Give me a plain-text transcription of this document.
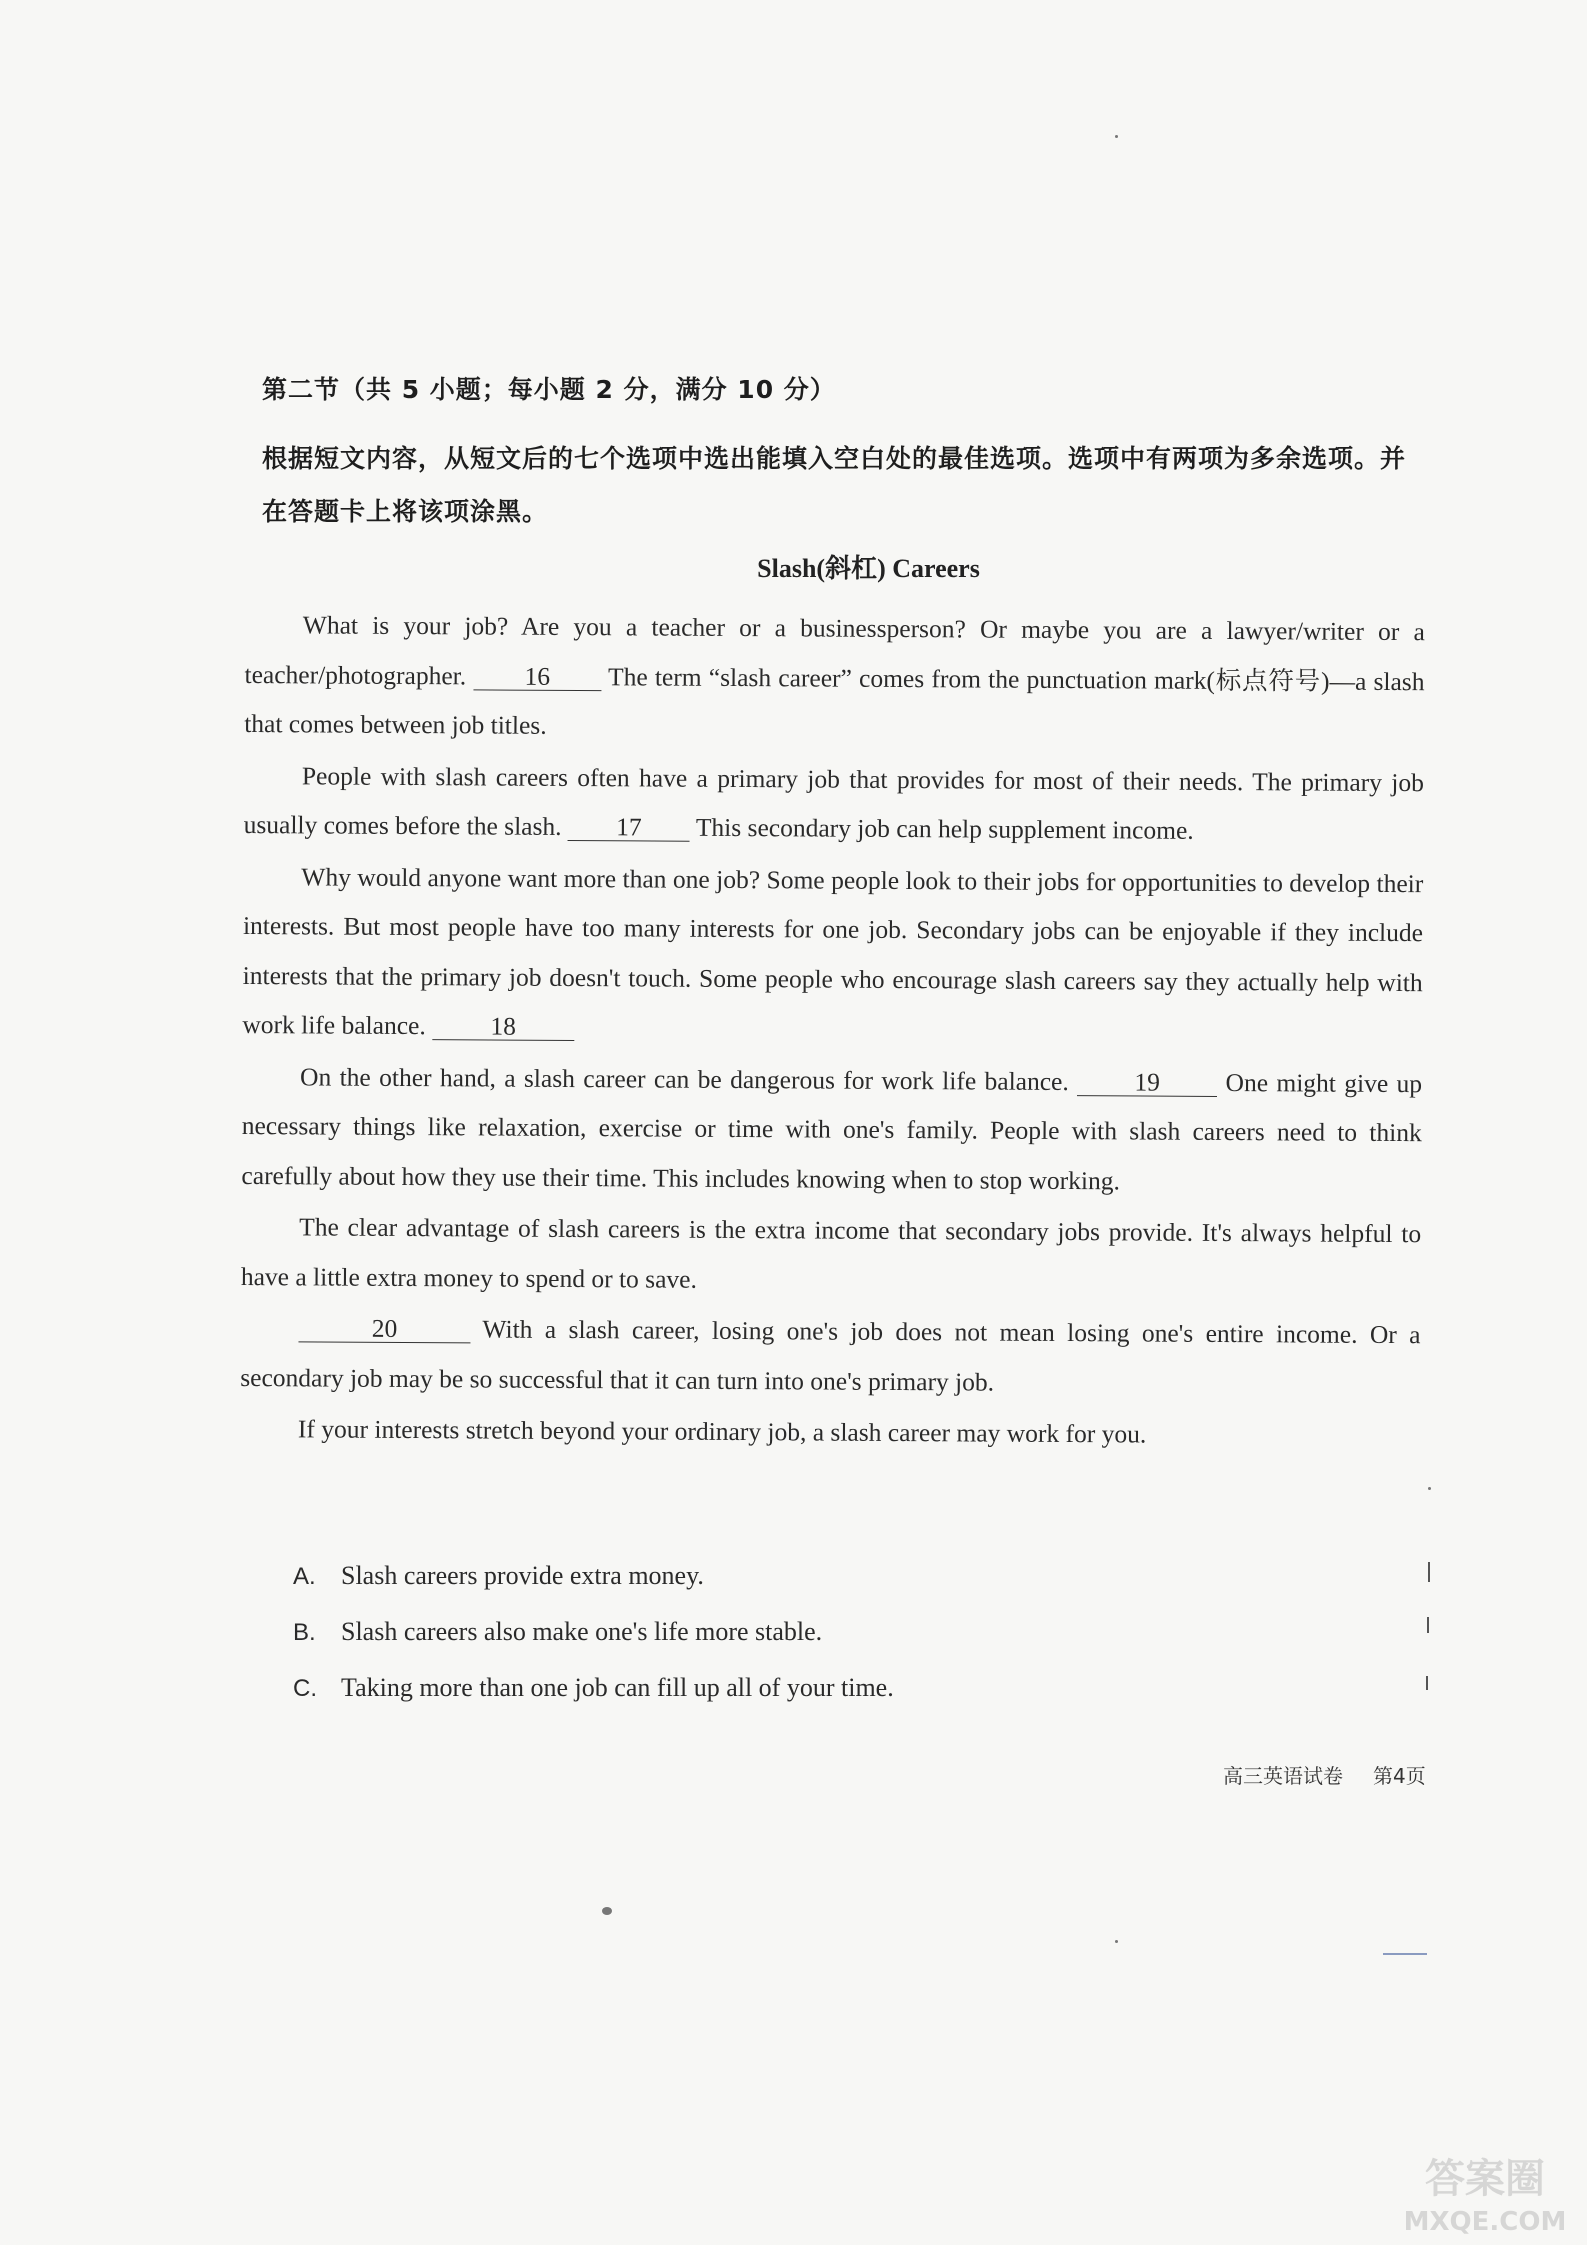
第二节（共 5 小题；每小题 2 分，满分 10 分）
根据短文内容，从短文后的七个选项中选出能填入空白处的最佳选项。选项中有两项为多余选项。并在答题卡上将该项涂黑。
Slash(斜杠) Careers

What is your job? Are you a teacher or a businessperson? Or maybe you are a lawyer/writer or a teacher/photographer. 16 The term “slash career” comes from the punctuation mark(标点符号)—a slash that comes between job titles.

People with slash careers often have a primary job that provides for most of their needs. The primary job usually comes before the slash. 17 This secondary job can help supplement income.

Why would anyone want more than one job? Some people look to their jobs for opportunities to develop their interests. But most people have too many interests for one job. Secondary jobs can be enjoyable if they include interests that the primary job doesn't touch. Some people who encourage slash careers say they actually help with work life balance.	18

On the other hand, a slash career can be dangerous for work life balance.	19	One might give up necessary things like relaxation, exercise or time with one's family. People with slash careers need to think carefully about how they use their time. This includes knowing when to stop working.

The clear advantage of slash careers is the extra income that secondary jobs provide. It's always helpful to have a little extra money to spend or to save.

20	With a slash career, losing one's job does not mean losing one's entire income. Or a secondary job may be so successful that it can turn into one's primary job.

If your interests stretch beyond your ordinary job, a slash career may work for you.

A. Slash careers provide extra money.
B. Slash careers also make one's life more stable.
C. Taking more than one job can fill up all of your time.
高三英语试卷 第4页
答案圈
MXQE.COM
